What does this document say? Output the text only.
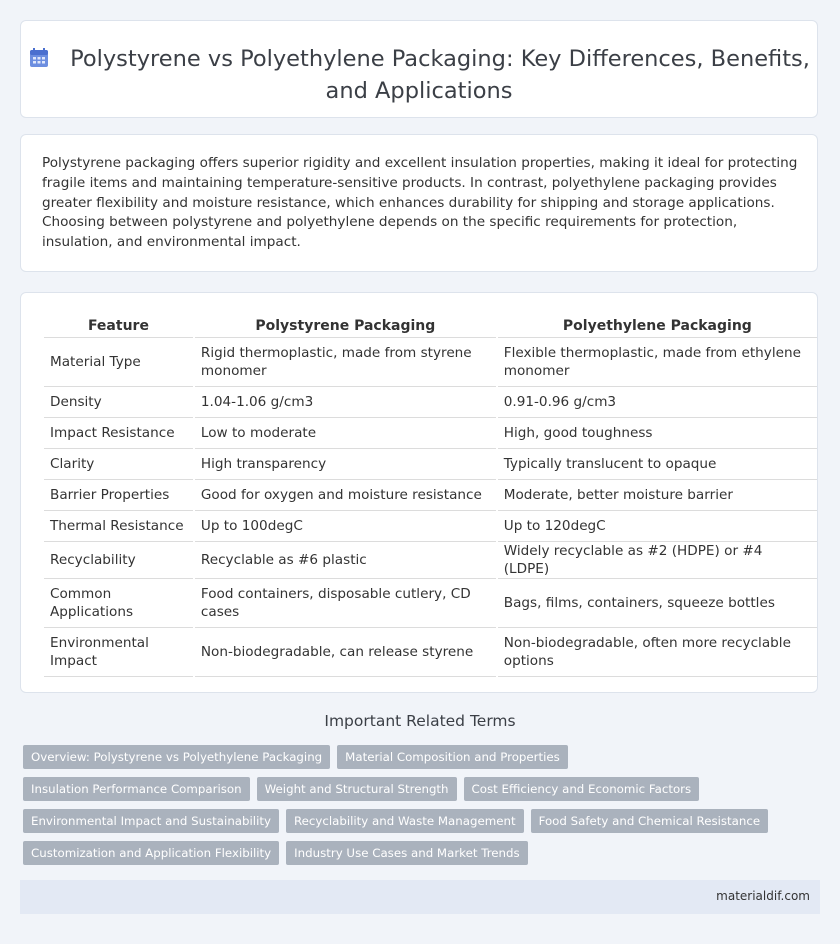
Polystyrene vs Polyethylene Packaging: Key Differences, Benefits, and Applications

Polystyrene packaging offers superior rigidity and excellent insulation properties, making it ideal for protecting fragile items and maintaining temperature-sensitive products. In contrast, polyethylene packaging provides greater flexibility and moisture resistance, which enhances durability for shipping and storage applications. Choosing between polystyrene and polyethylene depends on the specific requirements for protection, insulation, and environmental impact.

Feature	Polystyrene Packaging	Polyethylene Packaging
Material Type	Rigid thermoplastic, made from styrene monomer	Flexible thermoplastic, made from ethylene monomer
Density	1.04-1.06 g/cm3	0.91-0.96 g/cm3
Impact Resistance	Low to moderate	High, good toughness
Clarity	High transparency	Typically translucent to opaque
Barrier Properties	Good for oxygen and moisture resistance	Moderate, better moisture barrier
Thermal Resistance	Up to 100degC	Up to 120degC
Recyclability	Recyclable as #6 plastic	Widely recyclable as #2 (HDPE) or #4 (LDPE)
Common Applications	Food containers, disposable cutlery, CD cases	Bags, films, containers, squeeze bottles
Environmental Impact	Non-biodegradable, can release styrene	Non-biodegradable, often more recyclable options
Important Related Terms
Overview: Polystyrene vs Polyethylene Packaging	Material Composition and Properties
Insulation Performance Comparison	Weight and Structural Strength	Cost Efficiency and Economic Factors
Environmental Impact and Sustainability	Recyclability and Waste Management	Food Safety and Chemical Resistance
Customization and Application Flexibility	Industry Use Cases and Market Trends
materialdif.com
